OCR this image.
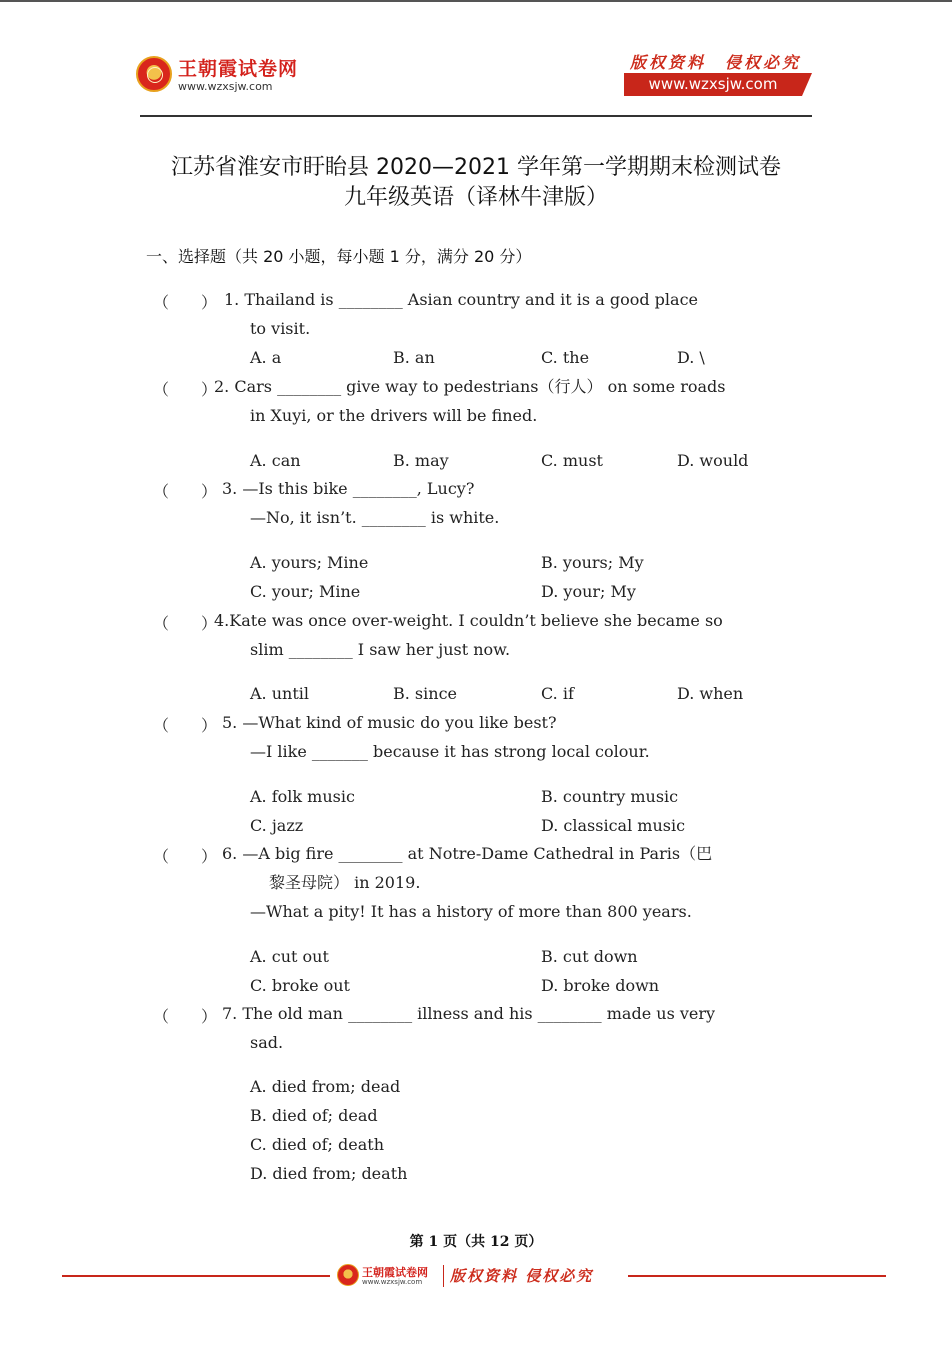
王朝霞试卷网
www.wzxsjw.com
版权资料　侵权必究
www.wzxsjw.com
江苏省淮安市盱眙县 2020—2021 学年第一学期期末检测试卷
九年级英语（译林牛津版）
一、选择题（共 20 小题，每小题 1 分，满分 20 分）
（　　） 1. Thailand is ________ Asian country and it is a good place
to visit.
A. a	B. an	C. the	D. \
（　　）
2. Cars ________ give way to pedestrians（行人） on some roads
in Xuyi, or the drivers will be fined.
A. can	B. may	C. must	D. would
（　　） 3. —Is this bike ________, Lucy?
—No, it isn’t. ________ is white.
A. yours; Mine	B. yours; My
C. your; Mine	D. your; My
（　　）
4.Kate was once over-weight. I couldn’t believe she became so
slim ________ I saw her just now.
A. until	B. since	C. if	D. when
（　　） 5. —What kind of music do you like best?
—I like _______ because it has strong local colour.
A. folk music	B. country music
C. jazz	D. classical music
（　　） 6. —A big fire ________ at Notre-Dame Cathedral in Paris（巴
黎圣母院） in 2019.
—What a pity! It has a history of more than 800 years.
A. cut out	B. cut down
C. broke out	D. broke down
（　　） 7. The old man ________ illness and his ________ made us very
sad.
A. died from; dead
B. died of; dead
C. died of; death
D. died from; death
第 1 页（共 12 页）
王朝霞试卷网
www.wzxsjw.com 版权资料 侵权必究
